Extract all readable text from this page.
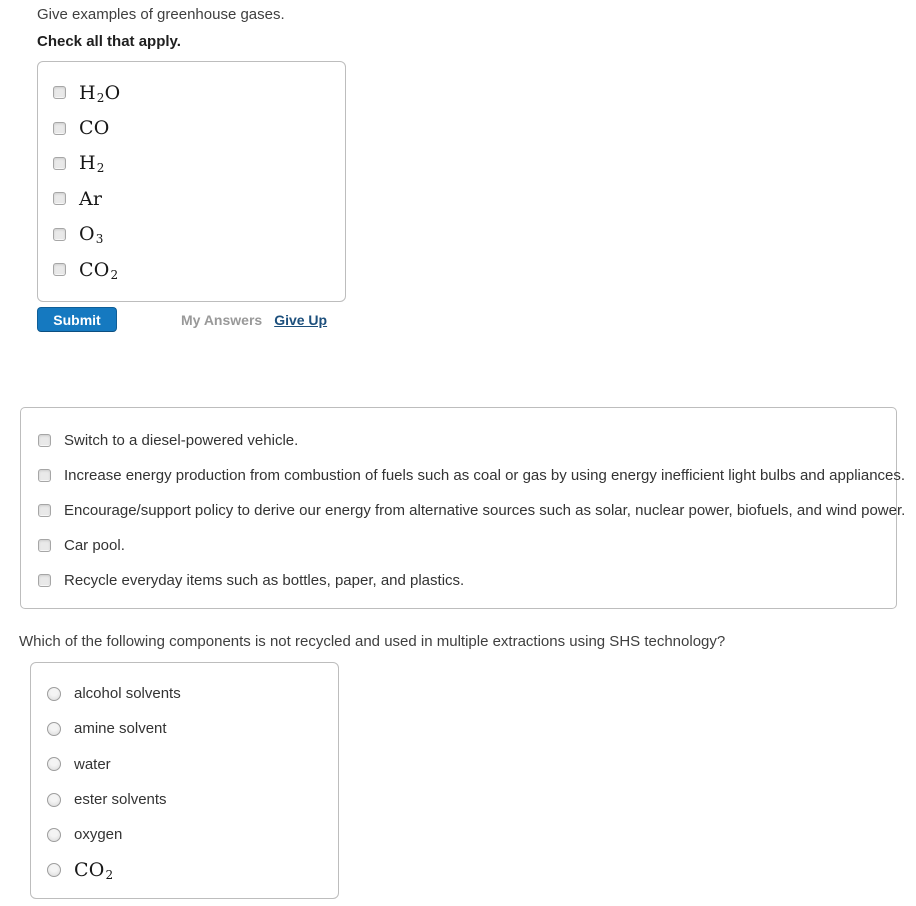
Give examples of greenhouse gases.
Check all that apply.
$H_2O$
CO
$H_2$
Ar
$O_3$
$CO_2$
Submit	My Answers Give Up
Switch to a diesel-powered vehicle.
Increase energy production from combustion of fuels such as coal or gas by using energy inefficient light bulbs and appliances.
Encourage/support policy to derive our energy from alternative sources such as solar, nuclear power, biofuels, and wind power.
Car pool.
Recycle everyday items such as bottles, paper, and plastics.
Which of the following components is not recycled and used in multiple extractions using SHS technology?
alcohol solvents
amine solvent
water
ester solvents
oxygen
$CO_2$
